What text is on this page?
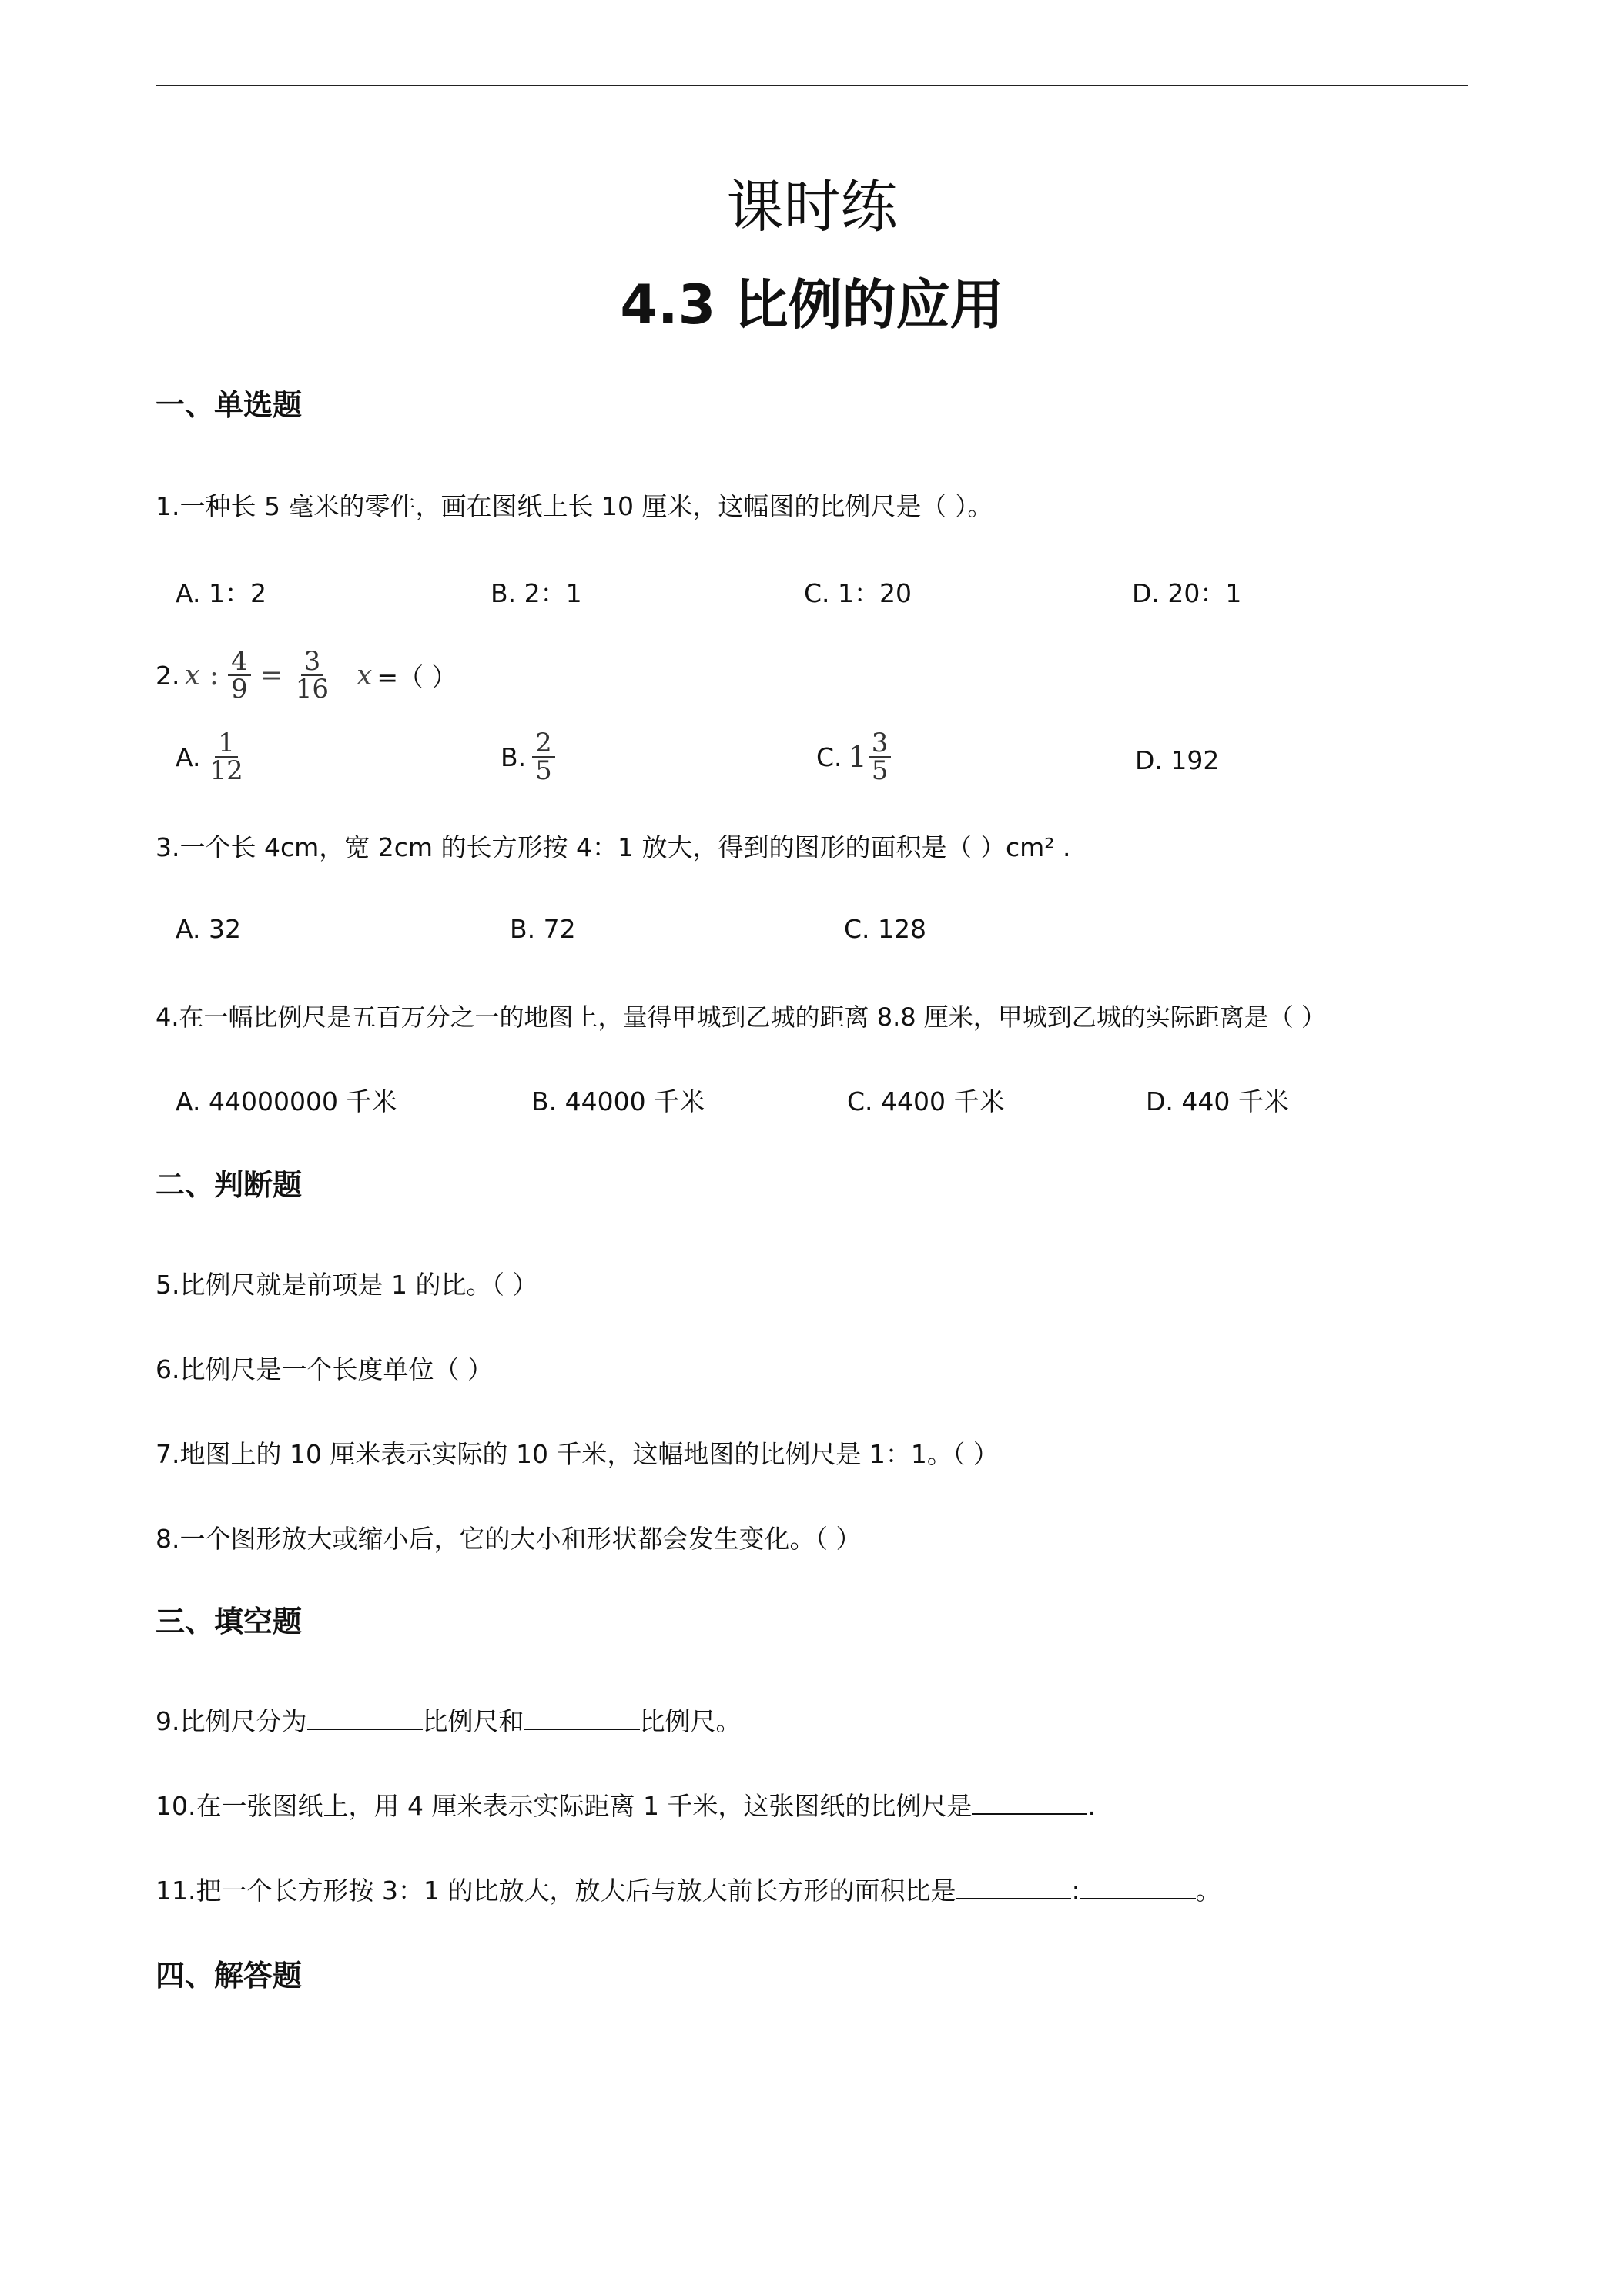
课时练
4.3 比例的应用
一、单选题
1.一种长 5 毫米的零件，画在图纸上长 10 厘米，这幅图的比例尺是（ ）。
A. 1：2	B. 2：1	C. 1：20	D. 20：1
2. x : $\frac{4}{9} = \frac{3}{16}$ x =（ ）
A. $\frac{1}{12}$	B. $\frac{2}{5}$	C. $1 \frac{3}{5}$	D. 192
3.一个长 4cm，宽 2cm 的长方形按 4：1 放大，得到的图形的面积是（ ）cm² .
A. 32	B. 72	C. 128
4.在一幅比例尺是五百万分之一的地图上，量得甲城到乙城的距离 8.8 厘米，甲城到乙城的实际距离是（ ）
A. 44000000 千米	B. 44000 千米	C. 4400 千米	D. 440 千米
二、判断题
5.比例尺就是前项是 1 的比。（ ）
6.比例尺是一个长度单位（ ）
7.地图上的 10 厘米表示实际的 10 千米，这幅地图的比例尺是 1：1。（ ）
8.一个图形放大或缩小后，它的大小和形状都会发生变化。（ ）
三、填空题
9.比例尺分为	比例尺和	比例尺。
10.在一张图纸上，用 4 厘米表示实际距离 1 千米，这张图纸的比例尺是	.
11.把一个长方形按 3：1 的比放大，放大后与放大前长方形的面积比是	:	。
四、解答题
